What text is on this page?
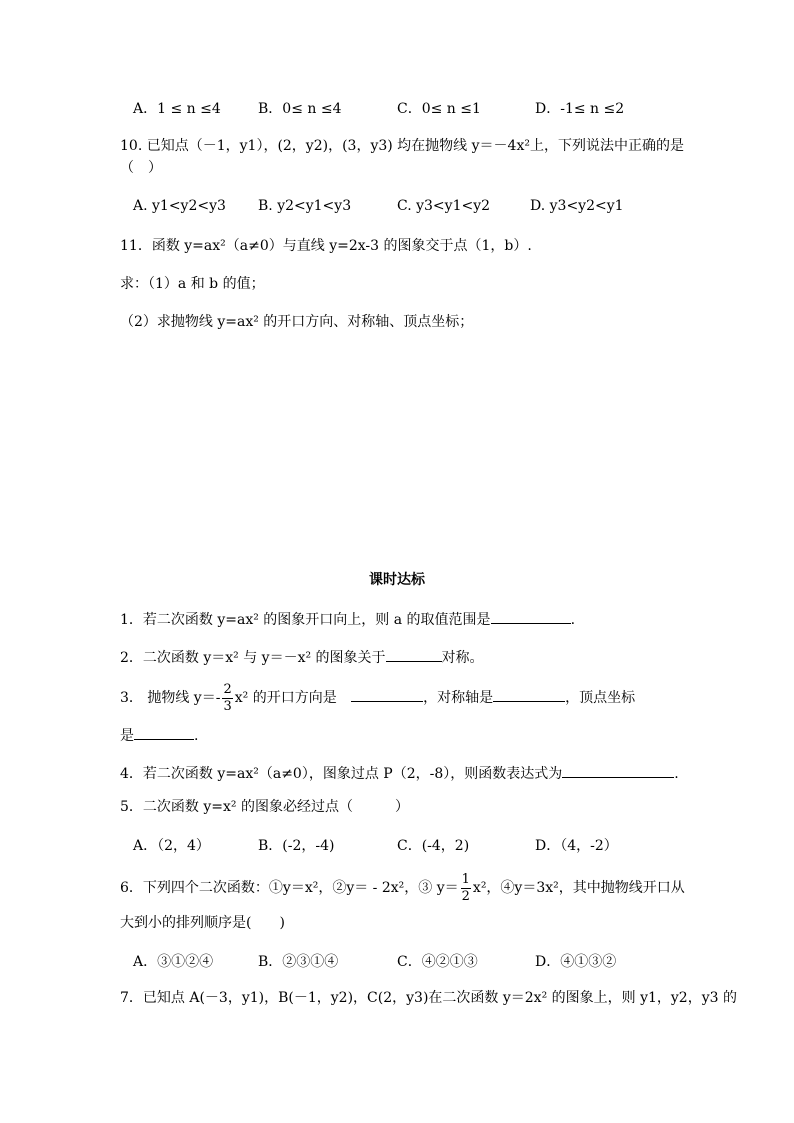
A．1 ≤ n ≤4	B．0≤ n ≤4	C．0≤ n ≤1	D．-1≤ n ≤2
10. 已知点（－1，y1），(2，y2)，(3，y3) 均在抛物线 y＝－4x²上，下列说法中正确的是
（　）
A. y1<y2<y3 B. y2<y1<y3	C. y3<y1<y2	D. y3<y2<y1
11．函数 y=ax²（a≠0）与直线 y=2x-3 的图象交于点（1，b）.
求：（1）a 和 b 的值；
（2）求抛物线 y=ax² 的开口方向、对称轴、顶点坐标；
课时达标
1．若二次函数 y=ax² 的图象开口向上，则 a 的取值范围是	.
2．二次函数 y＝x² 与 y＝－x² 的图象关于	对称。
3． 抛物线 $y=- \frac{2}{3} x^2$ 的开口方向是	，对称轴是	，顶点坐标
是	.
4．若二次函数 y=ax²（a≠0），图象过点 P（2，-8），则函数表达式为	.
5．二次函数 y=x² 的图象必经过点（　　　）
A．（2，4）	B．(-2，-4)	C．(-4，2)	D．（4，-2）
6．下列四个二次函数：①y＝x²，②y＝ - 2x²，③ $y= \frac{1}{2} x^2$，④y＝3x²，其中抛物线开口从
大到小的排列顺序是(　　)
A．③①②④	B．②③①④	C．④②①③	D．④①③②
7．已知点 A(－3，y1)，B(－1，y2)，C(2，y3)在二次函数 y＝2x² 的图象上，则 y1，y2，y3 的
